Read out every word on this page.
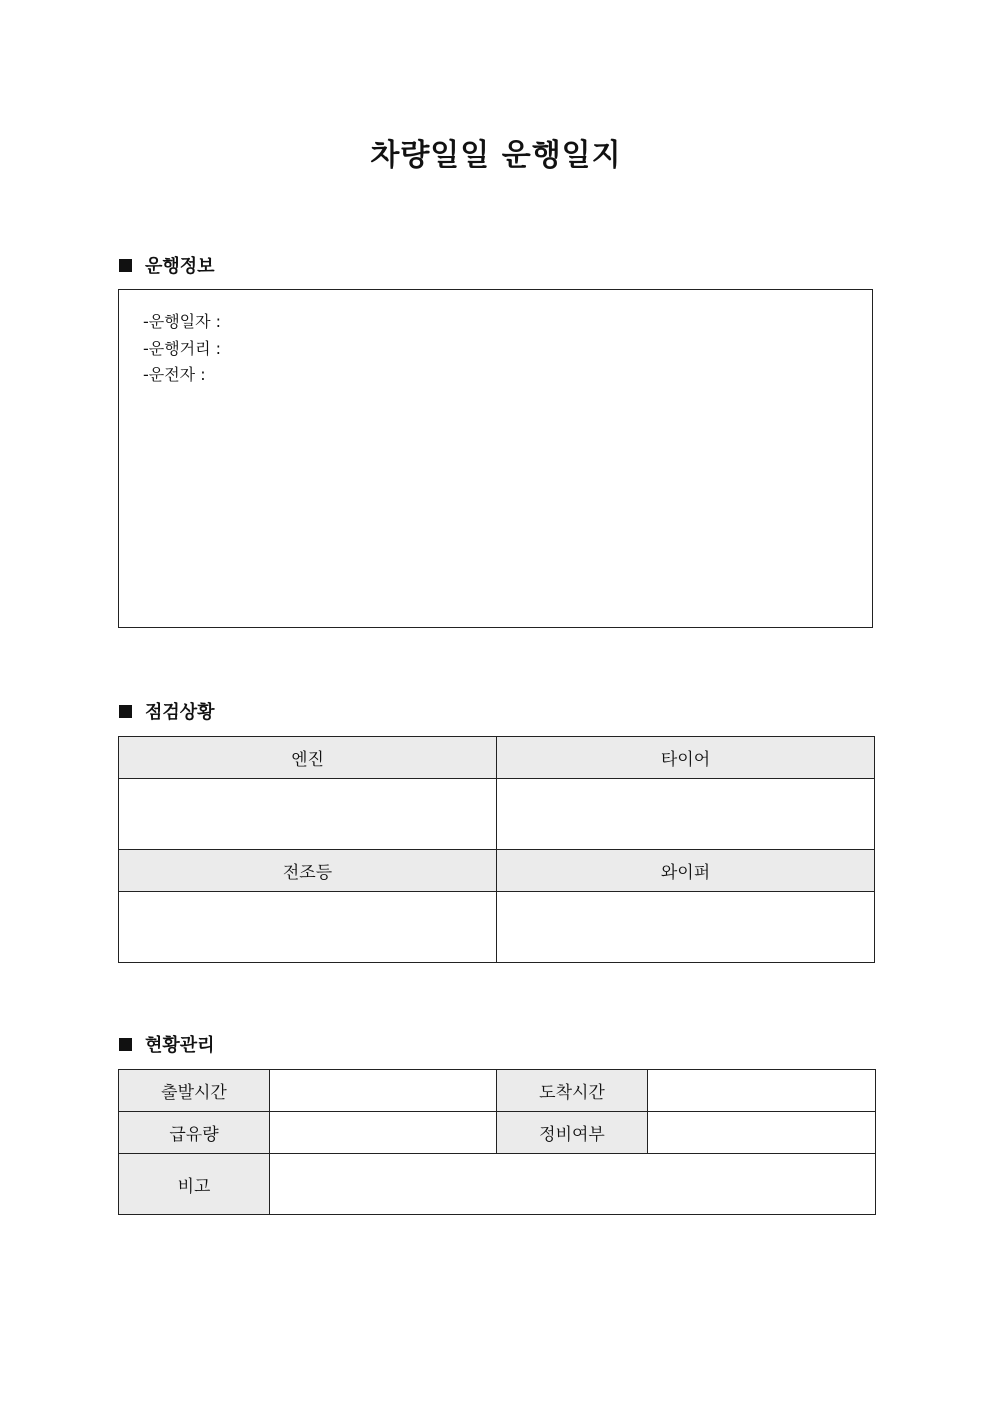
차량일일 운행일지
운행정보
-운행일자 :
-운행거리 :
-운전자 :
점검상황
엔진	타이어

전조등	와이퍼

현황관리
출발시간		도착시간	
급유량		정비여부	
비고			
